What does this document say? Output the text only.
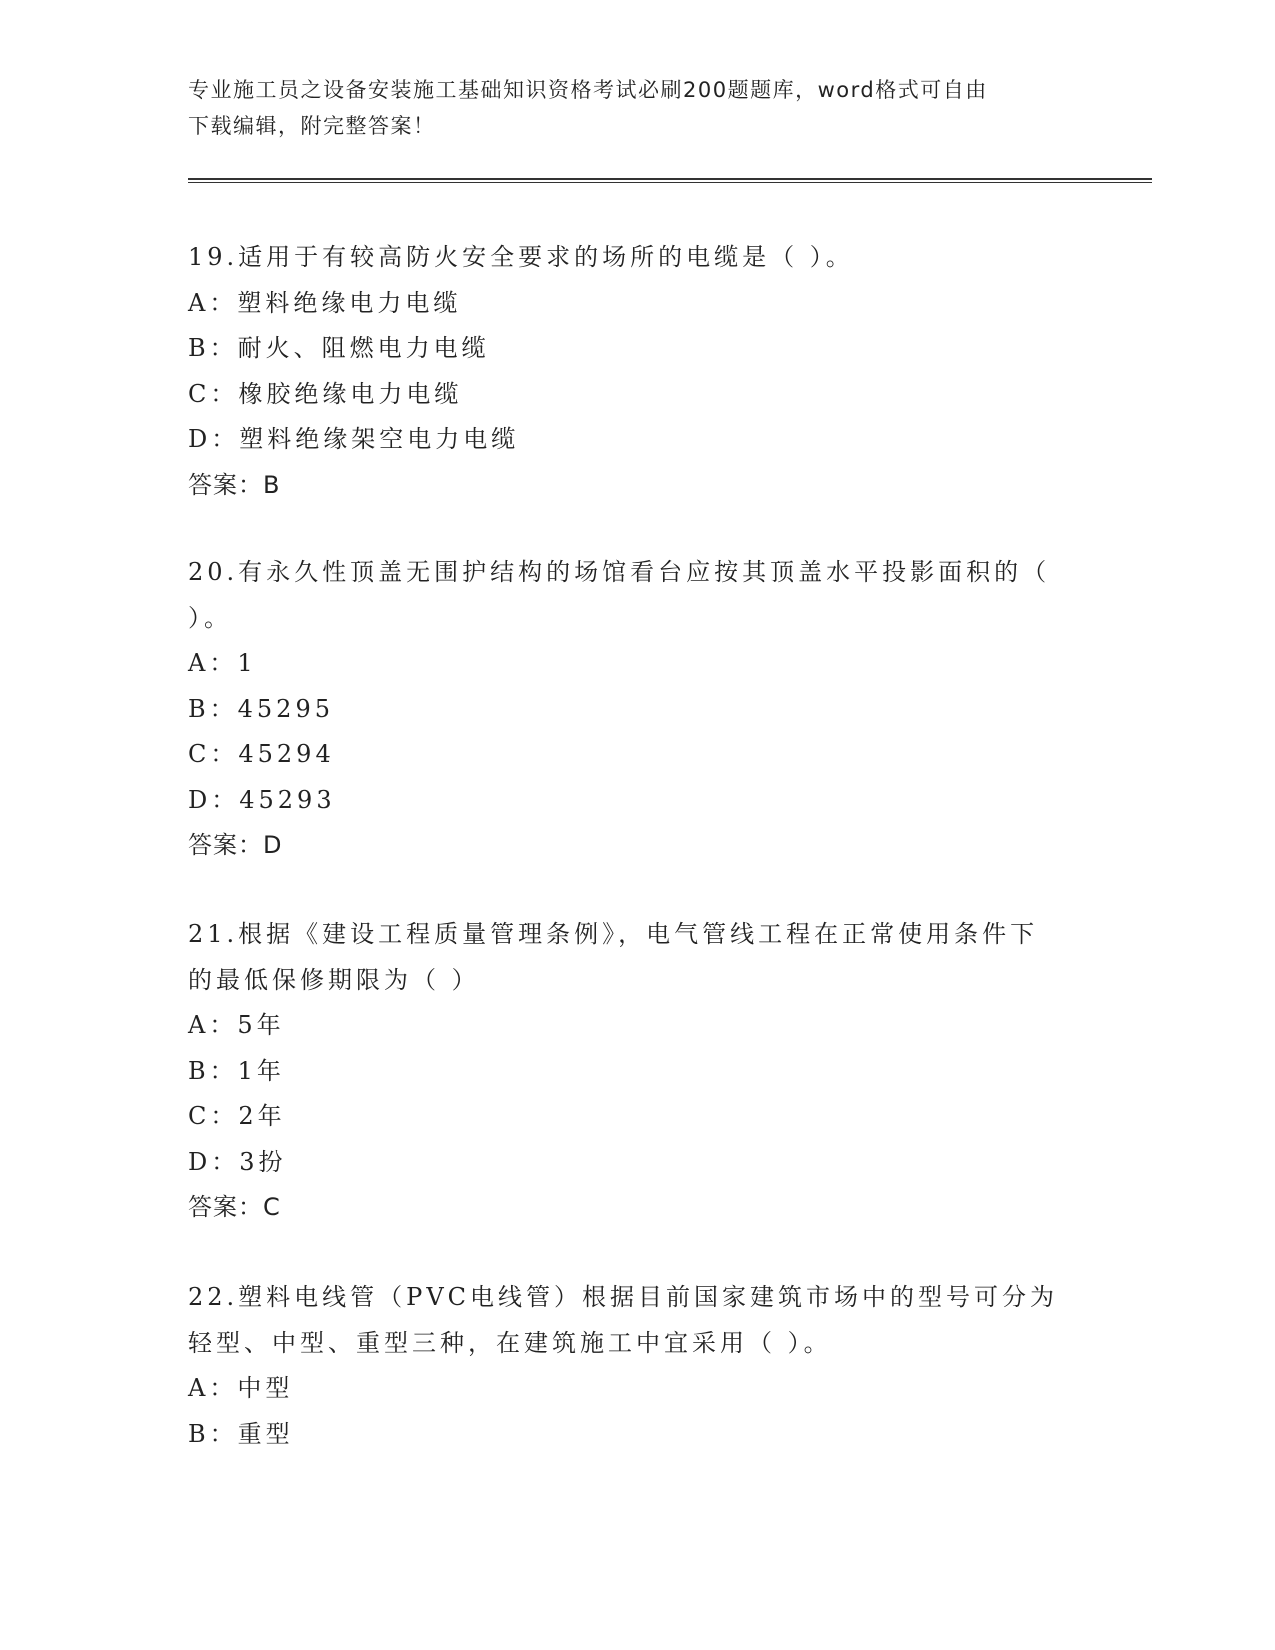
专业施工员之设备安装施工基础知识资格考试必刷200题题库，word格式可自由
下载编辑，附完整答案！
19.适用于有较高防火安全要求的场所的电缆是（ ）。
A：塑料绝缘电力电缆
B：耐火、阻燃电力电缆
C：橡胶绝缘电力电缆
D：塑料绝缘架空电力电缆
答案：B
20.有永久性顶盖无围护结构的场馆看台应按其顶盖水平投影面积的（
）。
A：1
B：45295
C：45294
D：45293
答案：D
21.根据《建设工程质量管理条例》，电气管线工程在正常使用条件下
的最低保修期限为（ ）
A：5年
B：1年
C：2年
D：3扮
答案：C
22.塑料电线管（PVC电线管）根据目前国家建筑市场中的型号可分为
轻型、中型、重型三种，在建筑施工中宜采用（ ）。
A：中型
B：重型
